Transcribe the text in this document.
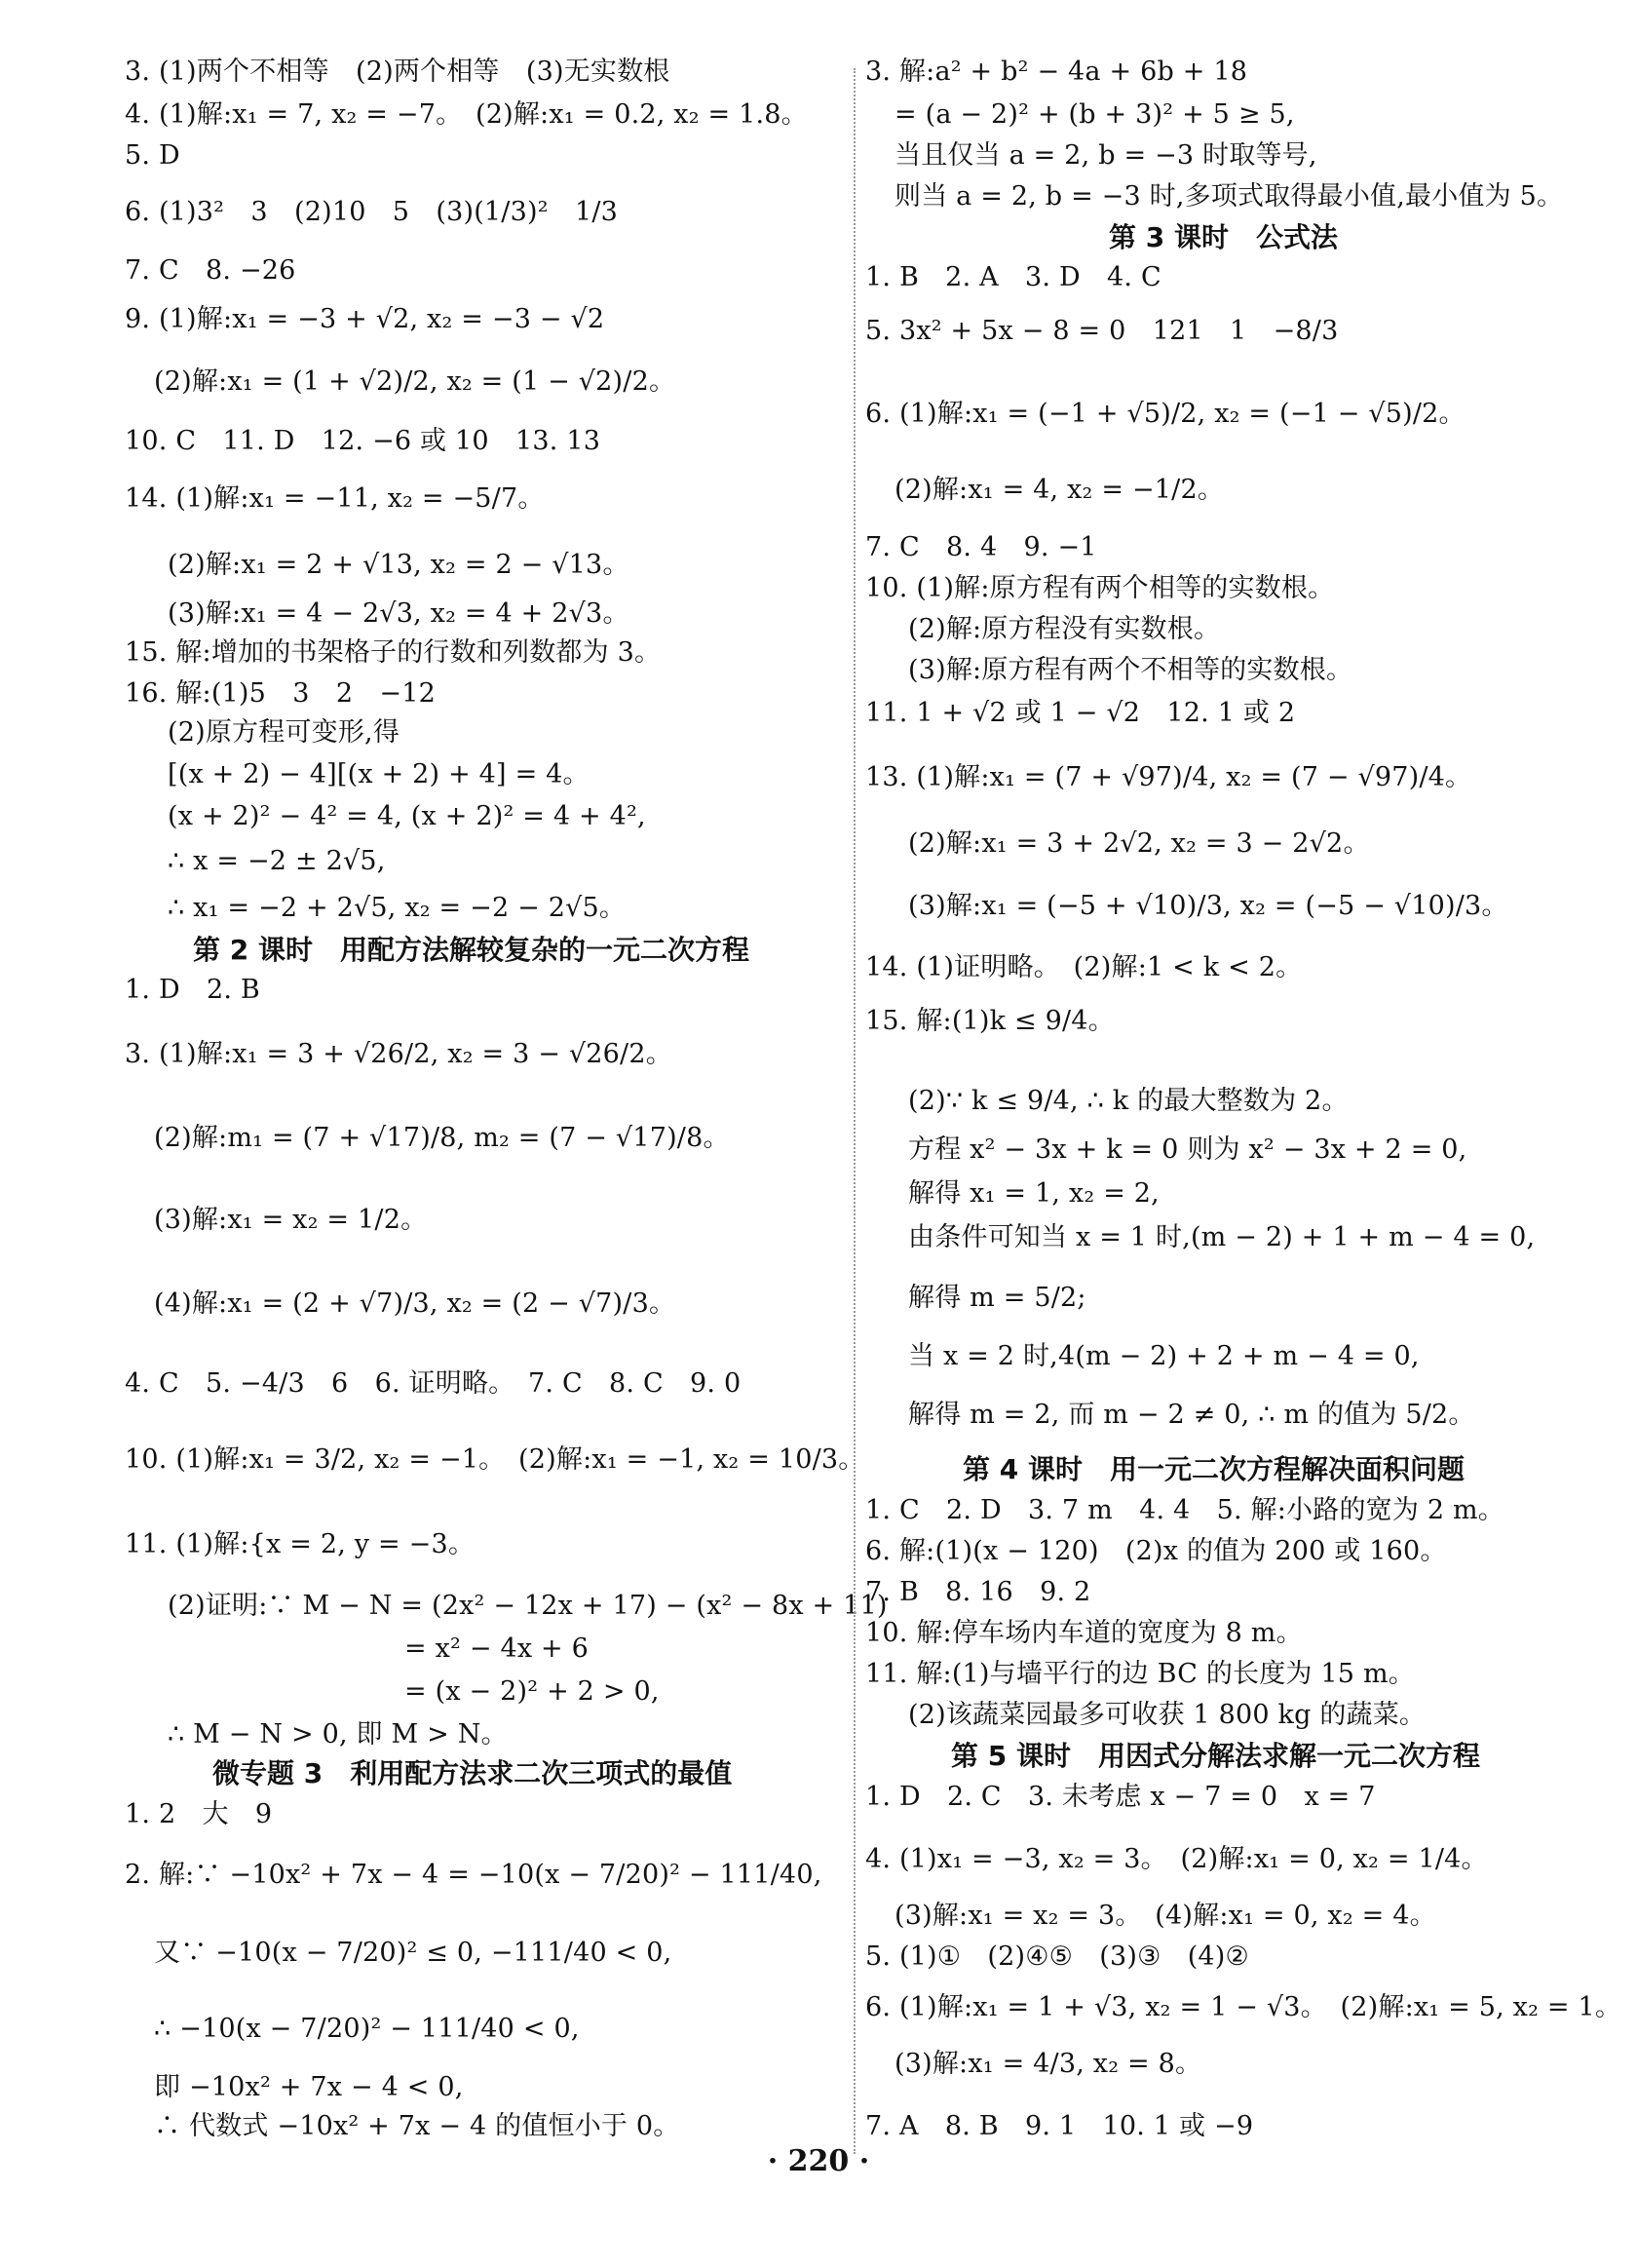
3. (1)两个不相等　(2)两个相等　(3)无实数根
4. (1)解:x₁ = 7, x₂ = −7。　(2)解:x₁ = 0.2, x₂ = 1.8。
5. D
6. (1)3²　3　(2)10　5　(3)(1/3)²　1/3
7. C　8. −26
9. (1)解:x₁ = −3 + √2, x₂ = −3 − √2
(2)解:x₁ = (1 + √2)/2, x₂ = (1 − √2)/2。
10. C　11. D　12. −6 或 10　13. 13
14. (1)解:x₁ = −11, x₂ = −5/7。
(2)解:x₁ = 2 + √13, x₂ = 2 − √13。
(3)解:x₁ = 4 − 2√3, x₂ = 4 + 2√3。
15. 解:增加的书架格子的行数和列数都为 3。
16. 解:(1)5　3　2　−12
(2)原方程可变形,得
[(x + 2) − 4][(x + 2) + 4] = 4。
(x + 2)² − 4² = 4, (x + 2)² = 4 + 4²,
∴ x = −2 ± 2√5,
∴ x₁ = −2 + 2√5, x₂ = −2 − 2√5。
1. D　2. B
3. (1)解:x₁ = 3 + √26/2, x₂ = 3 − √26/2。
(2)解:m₁ = (7 + √17)/8, m₂ = (7 − √17)/8。
(3)解:x₁ = x₂ = 1/2。
(4)解:x₁ = (2 + √7)/3, x₂ = (2 − √7)/3。
4. C　5. −4/3　6　6. 证明略。　7. C　8. C　9. 0
10. (1)解:x₁ = 3/2, x₂ = −1。　(2)解:x₁ = −1, x₂ = 10/3。
11. (1)解:{x = 2, y = −3。
(2)证明:∵ M − N = (2x² − 12x + 17) − (x² − 8x + 11)
= x² − 4x + 6
= (x − 2)² + 2 > 0,
∴ M − N > 0, 即 M > N。
1. 2　大　9
2. 解:∵ −10x² + 7x − 4 = −10(x − 7/20)² − 111/40,
又∵ −10(x − 7/20)² ≤ 0, −111/40 < 0,
∴ −10(x − 7/20)² − 111/40 < 0,
即 −10x² + 7x − 4 < 0,
∴ 代数式 −10x² + 7x − 4 的值恒小于 0。
第 2 课时　用配方法解较复杂的一元二次方程
微专题 3　利用配方法求二次三项式的最值
3. 解:a² + b² − 4a + 6b + 18
= (a − 2)² + (b + 3)² + 5 ≥ 5,
当且仅当 a = 2, b = −3 时取等号,
则当 a = 2, b = −3 时,多项式取得最小值,最小值为 5。
1. B　2. A　3. D　4. C
5. 3x² + 5x − 8 = 0　121　1　−8/3
6. (1)解:x₁ = (−1 + √5)/2, x₂ = (−1 − √5)/2。
(2)解:x₁ = 4, x₂ = −1/2。
7. C　8. 4　9. −1
10. (1)解:原方程有两个相等的实数根。
(2)解:原方程没有实数根。
(3)解:原方程有两个不相等的实数根。
11. 1 + √2 或 1 − √2　12. 1 或 2
13. (1)解:x₁ = (7 + √97)/4, x₂ = (7 − √97)/4。
(2)解:x₁ = 3 + 2√2, x₂ = 3 − 2√2。
(3)解:x₁ = (−5 + √10)/3, x₂ = (−5 − √10)/3。
14. (1)证明略。　(2)解:1 < k < 2。
15. 解:(1)k ≤ 9/4。
(2)∵ k ≤ 9/4, ∴ k 的最大整数为 2。
方程 x² − 3x + k = 0 则为 x² − 3x + 2 = 0,
解得 x₁ = 1, x₂ = 2,
由条件可知当 x = 1 时,(m − 2) + 1 + m − 4 = 0,
解得 m = 5/2;
当 x = 2 时,4(m − 2) + 2 + m − 4 = 0,
解得 m = 2, 而 m − 2 ≠ 0, ∴ m 的值为 5/2。
1. C　2. D　3. 7 m　4. 4　5. 解:小路的宽为 2 m。
6. 解:(1)(x − 120)　(2)x 的值为 200 或 160。
7. B　8. 16　9. 2
10. 解:停车场内车道的宽度为 8 m。
11. 解:(1)与墙平行的边 BC 的长度为 15 m。
(2)该蔬菜园最多可收获 1 800 kg 的蔬菜。
1. D　2. C　3. 未考虑 x − 7 = 0　x = 7
4. (1)x₁ = −3, x₂ = 3。　(2)解:x₁ = 0, x₂ = 1/4。
(3)解:x₁ = x₂ = 3。　(4)解:x₁ = 0, x₂ = 4。
5. (1)①　(2)④⑤　(3)③　(4)②
6. (1)解:x₁ = 1 + √3, x₂ = 1 − √3。　(2)解:x₁ = 5, x₂ = 1。
(3)解:x₁ = 4/3, x₂ = 8。
7. A　8. B　9. 1　10. 1 或 −9
第 3 课时　公式法
第 4 课时　用一元二次方程解决面积问题
第 5 课时　用因式分解法求解一元二次方程
· 220 ·
